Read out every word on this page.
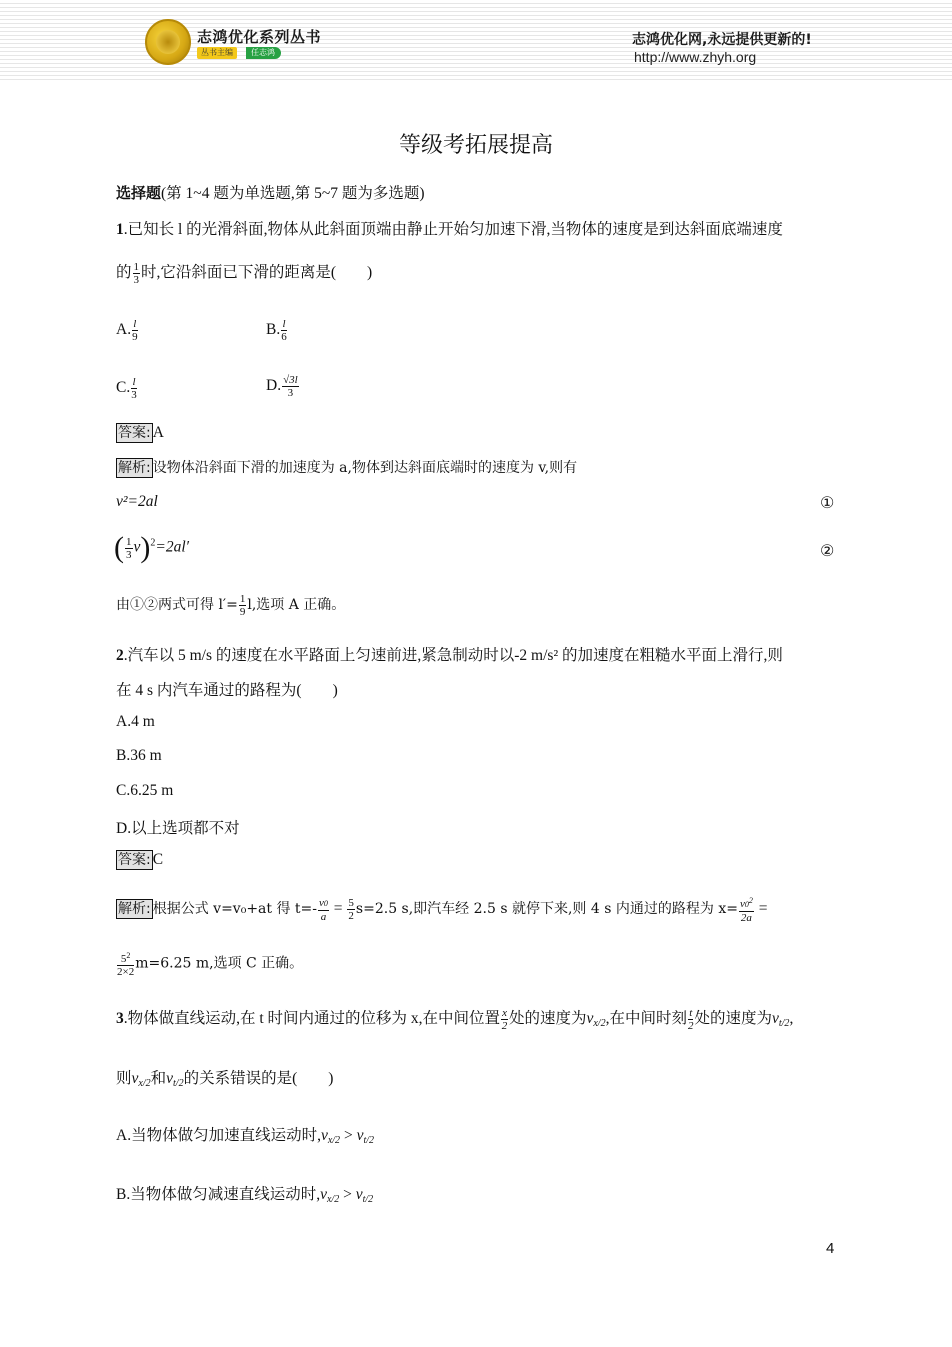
志鸿优化系列丛书
丛书主编	任志鸿
志鸿优化网,永远提供更新的!
http://www.zhyh.org
等级考拓展提高
选择题(第 1~4 题为单选题,第 5~7 题为多选题)
1.已知长 l 的光滑斜面,物体从此斜面顶端由静止开始匀加速下滑,当物体的速度是到达斜面底端速度
的 $\frac{1}{3}$ 时,它沿斜面已下滑的距离是(　　)
A. $\frac{l}{9}$	B. $\frac{l}{6}$
C. $\frac{l}{3}$	D. $\frac{√3l}{3}$
答案: A
解析: 设物体沿斜面下滑的加速度为 a,物体到达斜面底端时的速度为 v,则有
v²=2al	①
( $\frac{1}{3} v)^2=2al'$	②
由①②两式可得 $l'= \frac{1}{9} l$,选项 A 正确。
2.汽车以 5 m/s 的速度在水平路面上匀速前进,紧急制动时以-2 m/s² 的加速度在粗糙水平面上滑行,则
在 4 s 内汽车通过的路程为(　　)
A.4 m
B.36 m
C.6.25 m
D.以上选项都不对
答案: C
解析: 根据公式 v=v₀+at 得 $t=- \frac{v0}{a} = \frac{5}{2} s=2.5$ s,即汽车经 2.5 s 就停下来,则 4 s 内通过的路程为 $x= \frac{v0^2}{2a}$ =
$\frac{5^2}{2\times 2} m=6.25$ m,选项 C 正确。
3.物体做直线运动,在 t 时间内通过的位移为 x,在中间位置 $\frac{x}{2}$ 处的速度为$v_{x/2}$,在中间时刻 $\frac{t}{2}$ 处的速度为$v_{t/2}$,
则$v_{x/2}$和$v_{t/2}$的关系错误的是(　　)
A.当物体做匀加速直线运动时$,v_{x/2} > v_{t/2}$
B.当物体做匀减速直线运动时$,v_{x/2} > v_{t/2}$
4
